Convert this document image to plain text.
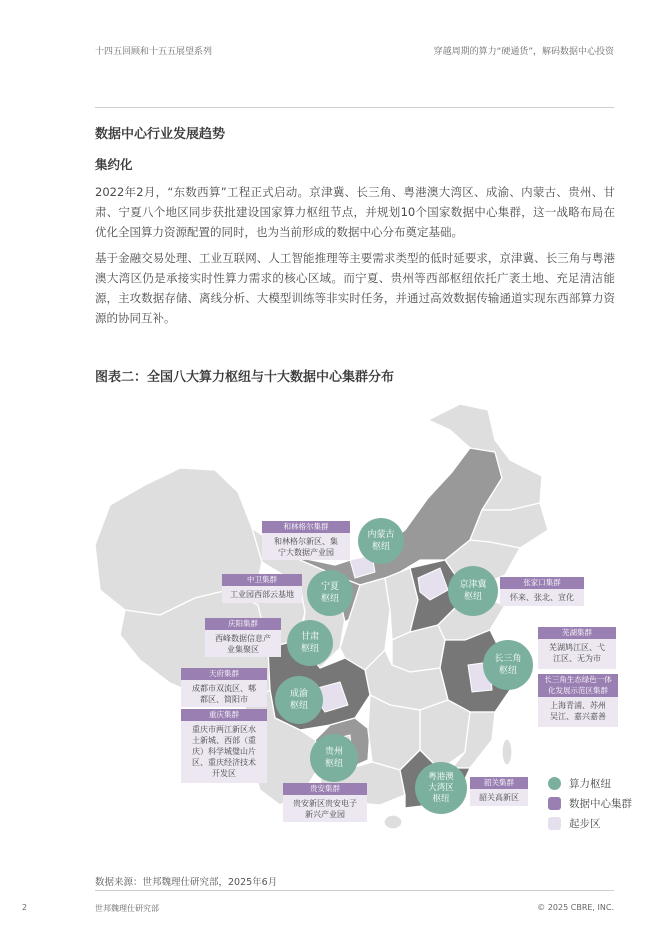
十四五回顾和十五五展望系列	穿越周期的算力“硬通货”，解码数据中心投资
数据中心行业发展趋势
集约化
2022年2月，“东数西算”工程正式启动。京津冀、长三角、粤港澳大湾区、成渝、内蒙古、贵州、甘肃、宁夏八个地区同步获批建设国家算力枢纽节点，并规划10个国家数据中心集群，这一战略布局在优化全国算力资源配置的同时，也为当前形成的数据中心分布奠定基础。
基于金融交易处理、工业互联网、人工智能推理等主要需求类型的低时延要求，京津冀、长三角与粤港澳大湾区仍是承接实时性算力需求的核心区域。而宁夏、贵州等西部枢纽依托广袤土地、充足清洁能源，主攻数据存储、离线分析、大模型训练等非实时任务，并通过高效数据传输通道实现东西部算力资源的协同互补。
图表二：全国八大算力枢纽与十大数据中心集群分布
内蒙古
枢纽
宁夏
枢纽
甘肃
枢纽
成渝
枢纽
贵州
枢纽
京津冀
枢纽
长三角
枢纽
粤港澳
大湾区
枢纽
和林格尔集群
和林格尔新区、集
宁大数据产业园
中卫集群
工业园西部云基地
庆阳集群
西峰数据信息产
业集聚区
天府集群
成都市双流区、郫
都区、简阳市
重庆集群
重庆市两江新区水
土新城、西部（重
庆）科学城璧山片
区、重庆经济技术
开发区
贵安集群
贵安新区贵安电子
新兴产业园
张家口集群
怀来、张北、宣化
芜湖集群
芜湖鸠江区、弋
江区、无为市
长三角生态绿色一体
化发展示范区集群
上海青浦、苏州
吴江、嘉兴嘉善
韶关集群
韶关高新区
算力枢纽
数据中心集群
起步区
数据来源：世邦魏理仕研究部，2025年6月
2	世邦魏理仕研究部	© 2025 CBRE, INC.
